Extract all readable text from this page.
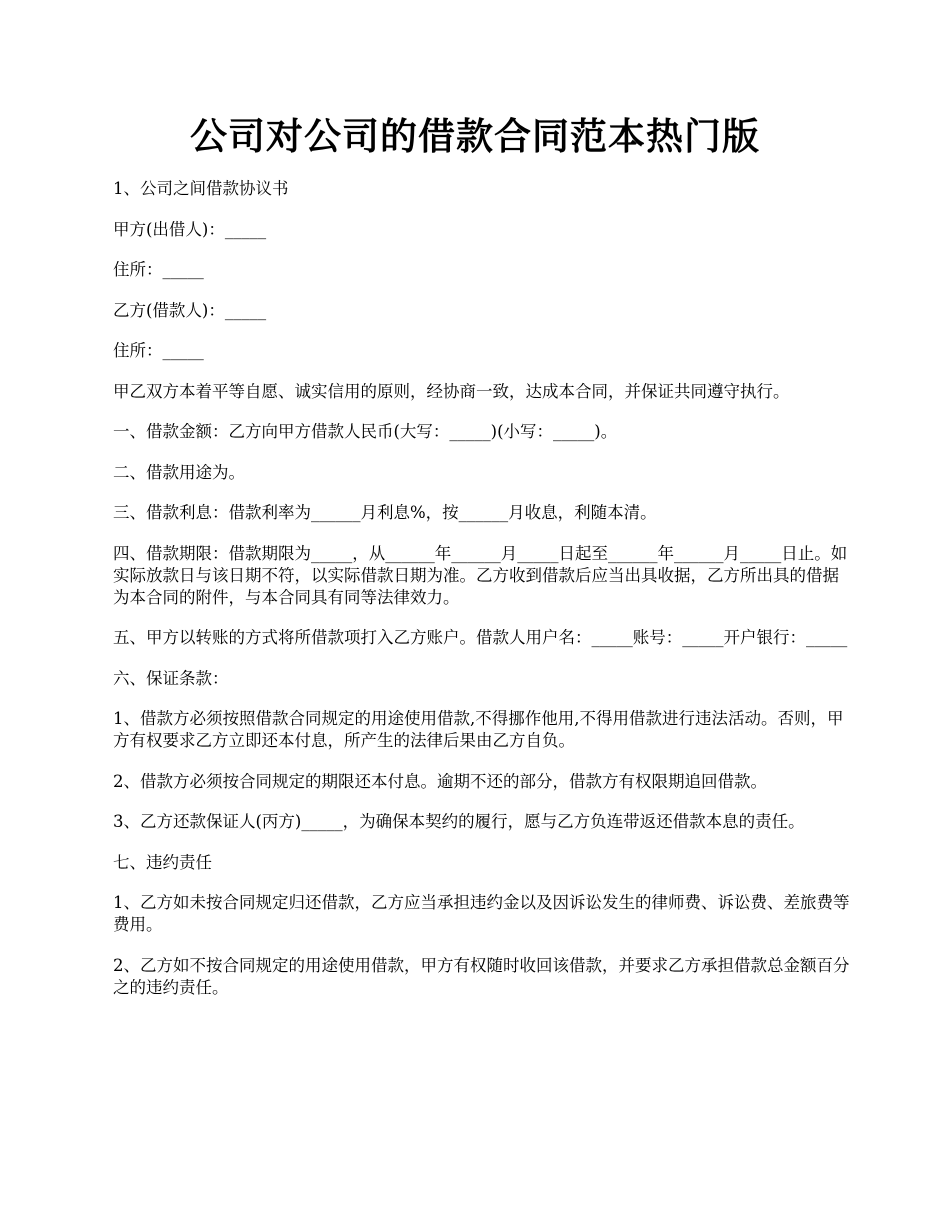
公司对公司的借款合同范本热门版

1、公司之间借款协议书

甲方(出借人)：_____

住所：_____

乙方(借款人)：_____

住所：_____

甲乙双方本着平等自愿、诚实信用的原则，经协商一致，达成本合同，并保证共同遵守执行。

一、借款金额：乙方向甲方借款人民币(大写：_____)(小写：_____)。

二、借款用途为。

三、借款利息：借款利率为______月利息%，按______月收息，利随本清。

四、借款期限：借款期限为_____，从______年______月_____日起至______年______月_____日止。如实际放款日与该日期不符，以实际借款日期为准。乙方收到借款后应当出具收据，乙方所出具的借据为本合同的附件，与本合同具有同等法律效力。

五、甲方以转账的方式将所借款项打入乙方账户。借款人用户名：_____账号：_____开户银行：_____

六、保证条款：

1、借款方必须按照借款合同规定的用途使用借款,不得挪作他用,不得用借款进行违法活动。否则，甲方有权要求乙方立即还本付息，所产生的法律后果由乙方自负。

2、借款方必须按合同规定的期限还本付息。逾期不还的部分，借款方有权限期追回借款。

3、乙方还款保证人(丙方)_____，为确保本契约的履行，愿与乙方负连带返还借款本息的责任。

七、违约责任

1、乙方如未按合同规定归还借款，乙方应当承担违约金以及因诉讼发生的律师费、诉讼费、差旅费等费用。

2、乙方如不按合同规定的用途使用借款，甲方有权随时收回该借款，并要求乙方承担借款总金额百分之的违约责任。
